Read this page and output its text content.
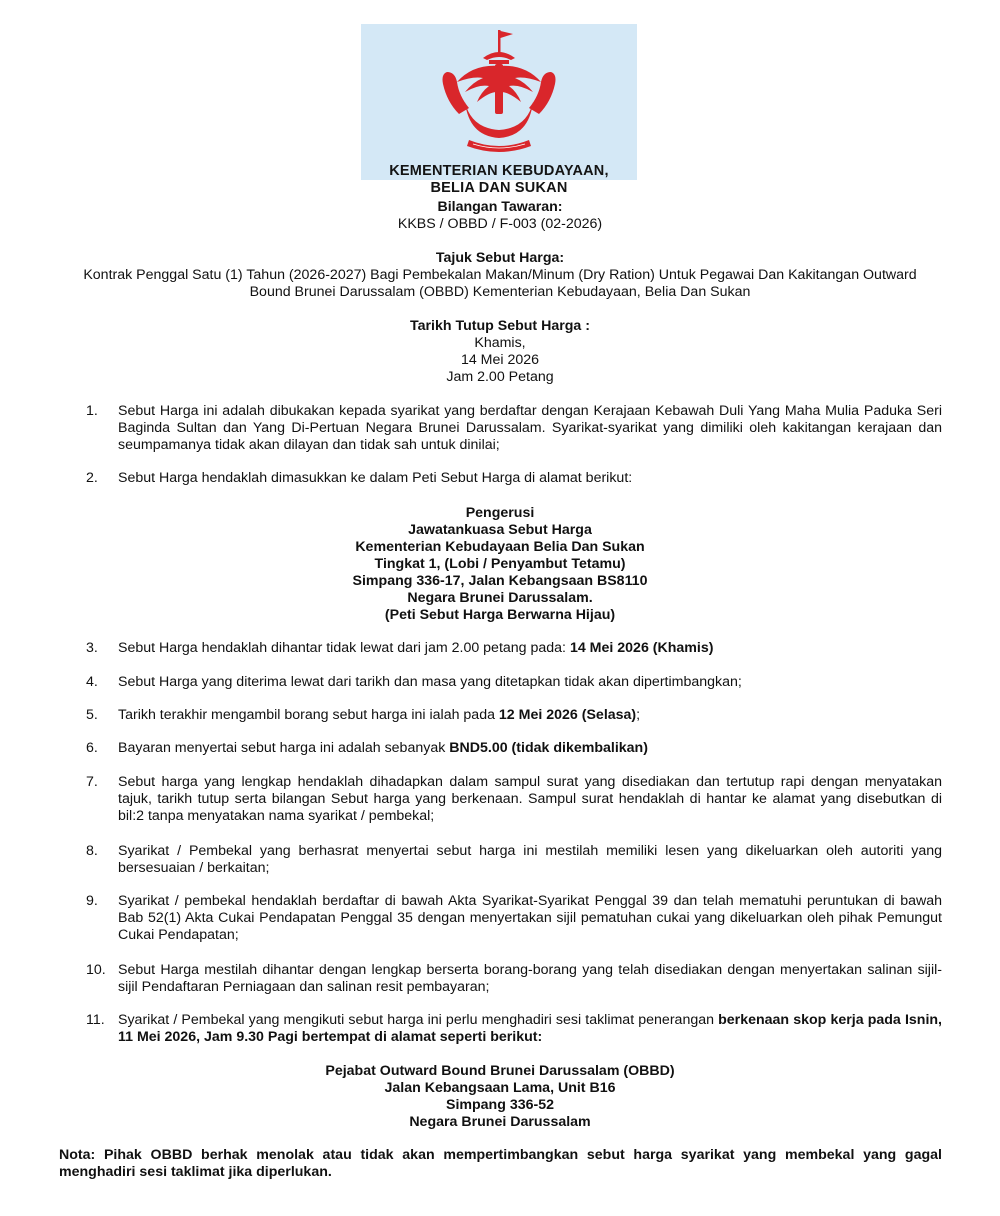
KEMENTERIAN KEBUDAYAAN,
BELIA DAN SUKAN
Bilangan Tawaran:
KKBS / OBBD / F-003 (02-2026)
Tajuk Sebut Harga:
Kontrak Penggal Satu (1) Tahun (2026-2027) Bagi Pembekalan Makan/Minum (Dry Ration) Untuk Pegawai Dan Kakitangan Outward
Bound Brunei Darussalam (OBBD) Kementerian Kebudayaan, Belia Dan Sukan
Tarikh Tutup Sebut Harga :
Khamis,
14 Mei 2026
Jam 2.00 Petang
1.	Sebut Harga ini adalah dibukakan kepada syarikat yang berdaftar dengan Kerajaan Kebawah Duli Yang Maha Mulia Paduka Seri Baginda Sultan dan Yang Di-Pertuan Negara Brunei Darussalam. Syarikat-syarikat yang dimiliki oleh kakitangan kerajaan dan seumpamanya tidak akan dilayan dan tidak sah untuk dinilai;
2.	Sebut Harga hendaklah dimasukkan ke dalam Peti Sebut Harga di alamat berikut:
Pengerusi
Jawatankuasa Sebut Harga
Kementerian Kebudayaan Belia Dan Sukan
Tingkat 1, (Lobi / Penyambut Tetamu)
Simpang 336-17, Jalan Kebangsaan BS8110
Negara Brunei Darussalam.
(Peti Sebut Harga Berwarna Hijau)
3.	Sebut Harga hendaklah dihantar tidak lewat dari jam 2.00 petang pada: 14 Mei 2026 (Khamis)
4.	Sebut Harga yang diterima lewat dari tarikh dan masa yang ditetapkan tidak akan dipertimbangkan;
5.	Tarikh terakhir mengambil borang sebut harga ini ialah pada 12 Mei 2026 (Selasa);
6.	Bayaran menyertai sebut harga ini adalah sebanyak BND5.00 (tidak dikembalikan)
7.	Sebut harga yang lengkap hendaklah dihadapkan dalam sampul surat yang disediakan dan tertutup rapi dengan menyatakan tajuk, tarikh tutup serta bilangan Sebut harga yang berkenaan. Sampul surat hendaklah di hantar ke alamat yang disebutkan di bil:2 tanpa menyatakan nama syarikat / pembekal;
8.	Syarikat / Pembekal yang berhasrat menyertai sebut harga ini mestilah memiliki lesen yang dikeluarkan oleh autoriti yang bersesuaian / berkaitan;
9.	Syarikat / pembekal hendaklah berdaftar di bawah Akta Syarikat-Syarikat Penggal 39 dan telah mematuhi peruntukan di bawah Bab 52(1) Akta Cukai Pendapatan Penggal 35 dengan menyertakan sijil pematuhan cukai yang dikeluarkan oleh pihak Pemungut Cukai Pendapatan;
10. Sebut Harga mestilah dihantar dengan lengkap berserta borang-borang yang telah disediakan dengan menyertakan salinan sijil-sijil Pendaftaran Perniagaan dan salinan resit pembayaran;
11. Syarikat / Pembekal yang mengikuti sebut harga ini perlu menghadiri sesi taklimat penerangan berkenaan skop kerja pada Isnin, 11 Mei 2026, Jam 9.30 Pagi bertempat di alamat seperti berikut:
Pejabat Outward Bound Brunei Darussalam (OBBD)
Jalan Kebangsaan Lama, Unit B16
Simpang 336-52
Negara Brunei Darussalam
Nota: Pihak OBBD berhak menolak atau tidak akan mempertimbangkan sebut harga syarikat yang membekal yang gagal menghadiri sesi taklimat jika diperlukan.
